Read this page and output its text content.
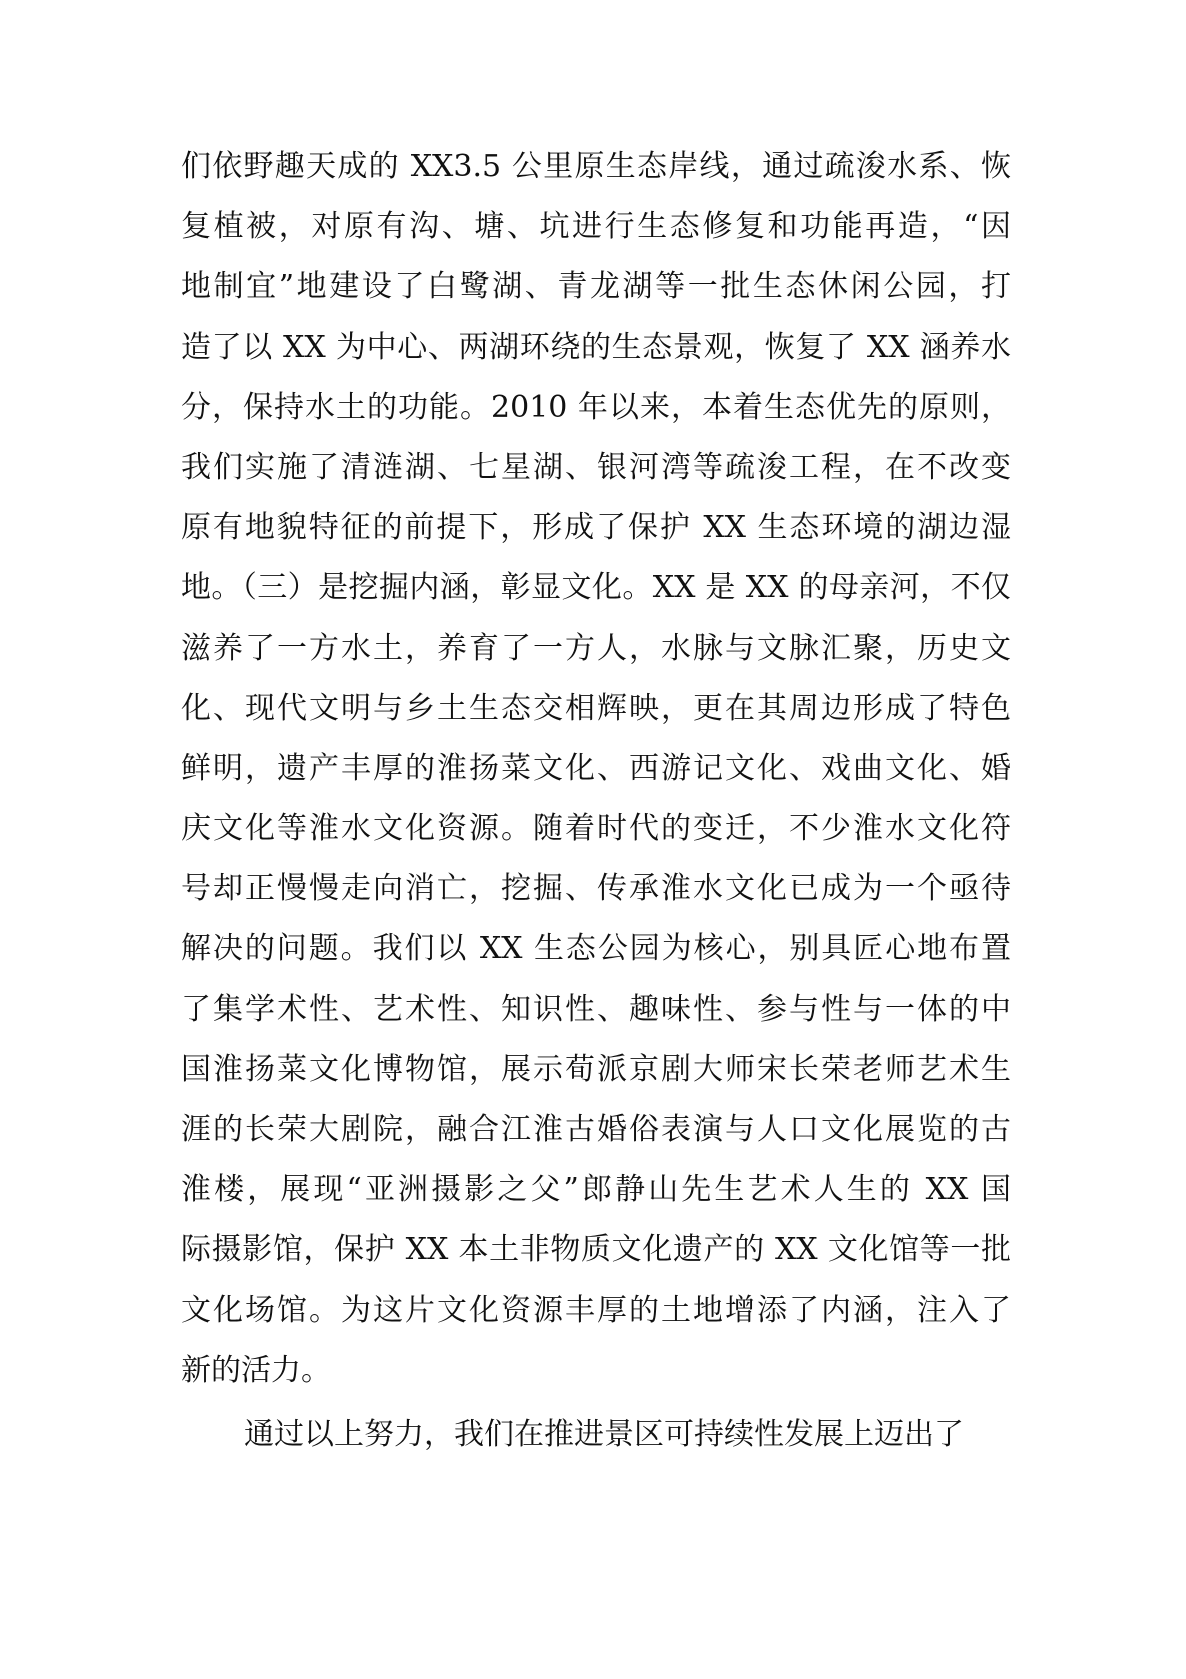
们依野趣天成的 XX3.5 公里原生态岸线，通过疏浚水系、恢
复植被，对原有沟、塘、坑进行生态修复和功能再造，“因
地制宜”地建设了白鹭湖、青龙湖等一批生态休闲公园，打
造了以 XX 为中心、两湖环绕的生态景观，恢复了 XX 涵养水
分，保持水土的功能。2010 年以来，本着生态优先的原则，
我们实施了清涟湖、七星湖、银河湾等疏浚工程，在不改变
原有地貌特征的前提下，形成了保护 XX 生态环境的湖边湿
地。（三）是挖掘内涵，彰显文化。XX 是 XX 的母亲河，不仅
滋养了一方水土，养育了一方人，水脉与文脉汇聚，历史文
化、现代文明与乡土生态交相辉映，更在其周边形成了特色
鲜明，遗产丰厚的淮扬菜文化、西游记文化、戏曲文化、婚
庆文化等淮水文化资源。随着时代的变迁，不少淮水文化符
号却正慢慢走向消亡，挖掘、传承淮水文化已成为一个亟待
解决的问题。我们以 XX 生态公园为核心，别具匠心地布置
了集学术性、艺术性、知识性、趣味性、参与性与一体的中
国淮扬菜文化博物馆，展示荀派京剧大师宋长荣老师艺术生
涯的长荣大剧院，融合江淮古婚俗表演与人口文化展览的古
淮楼，展现“亚洲摄影之父”郎静山先生艺术人生的 XX 国
际摄影馆，保护 XX 本土非物质文化遗产的 XX 文化馆等一批
文化场馆。为这片文化资源丰厚的土地增添了内涵，注入了
新的活力。
通过以上努力，我们在推进景区可持续性发展上迈出了
